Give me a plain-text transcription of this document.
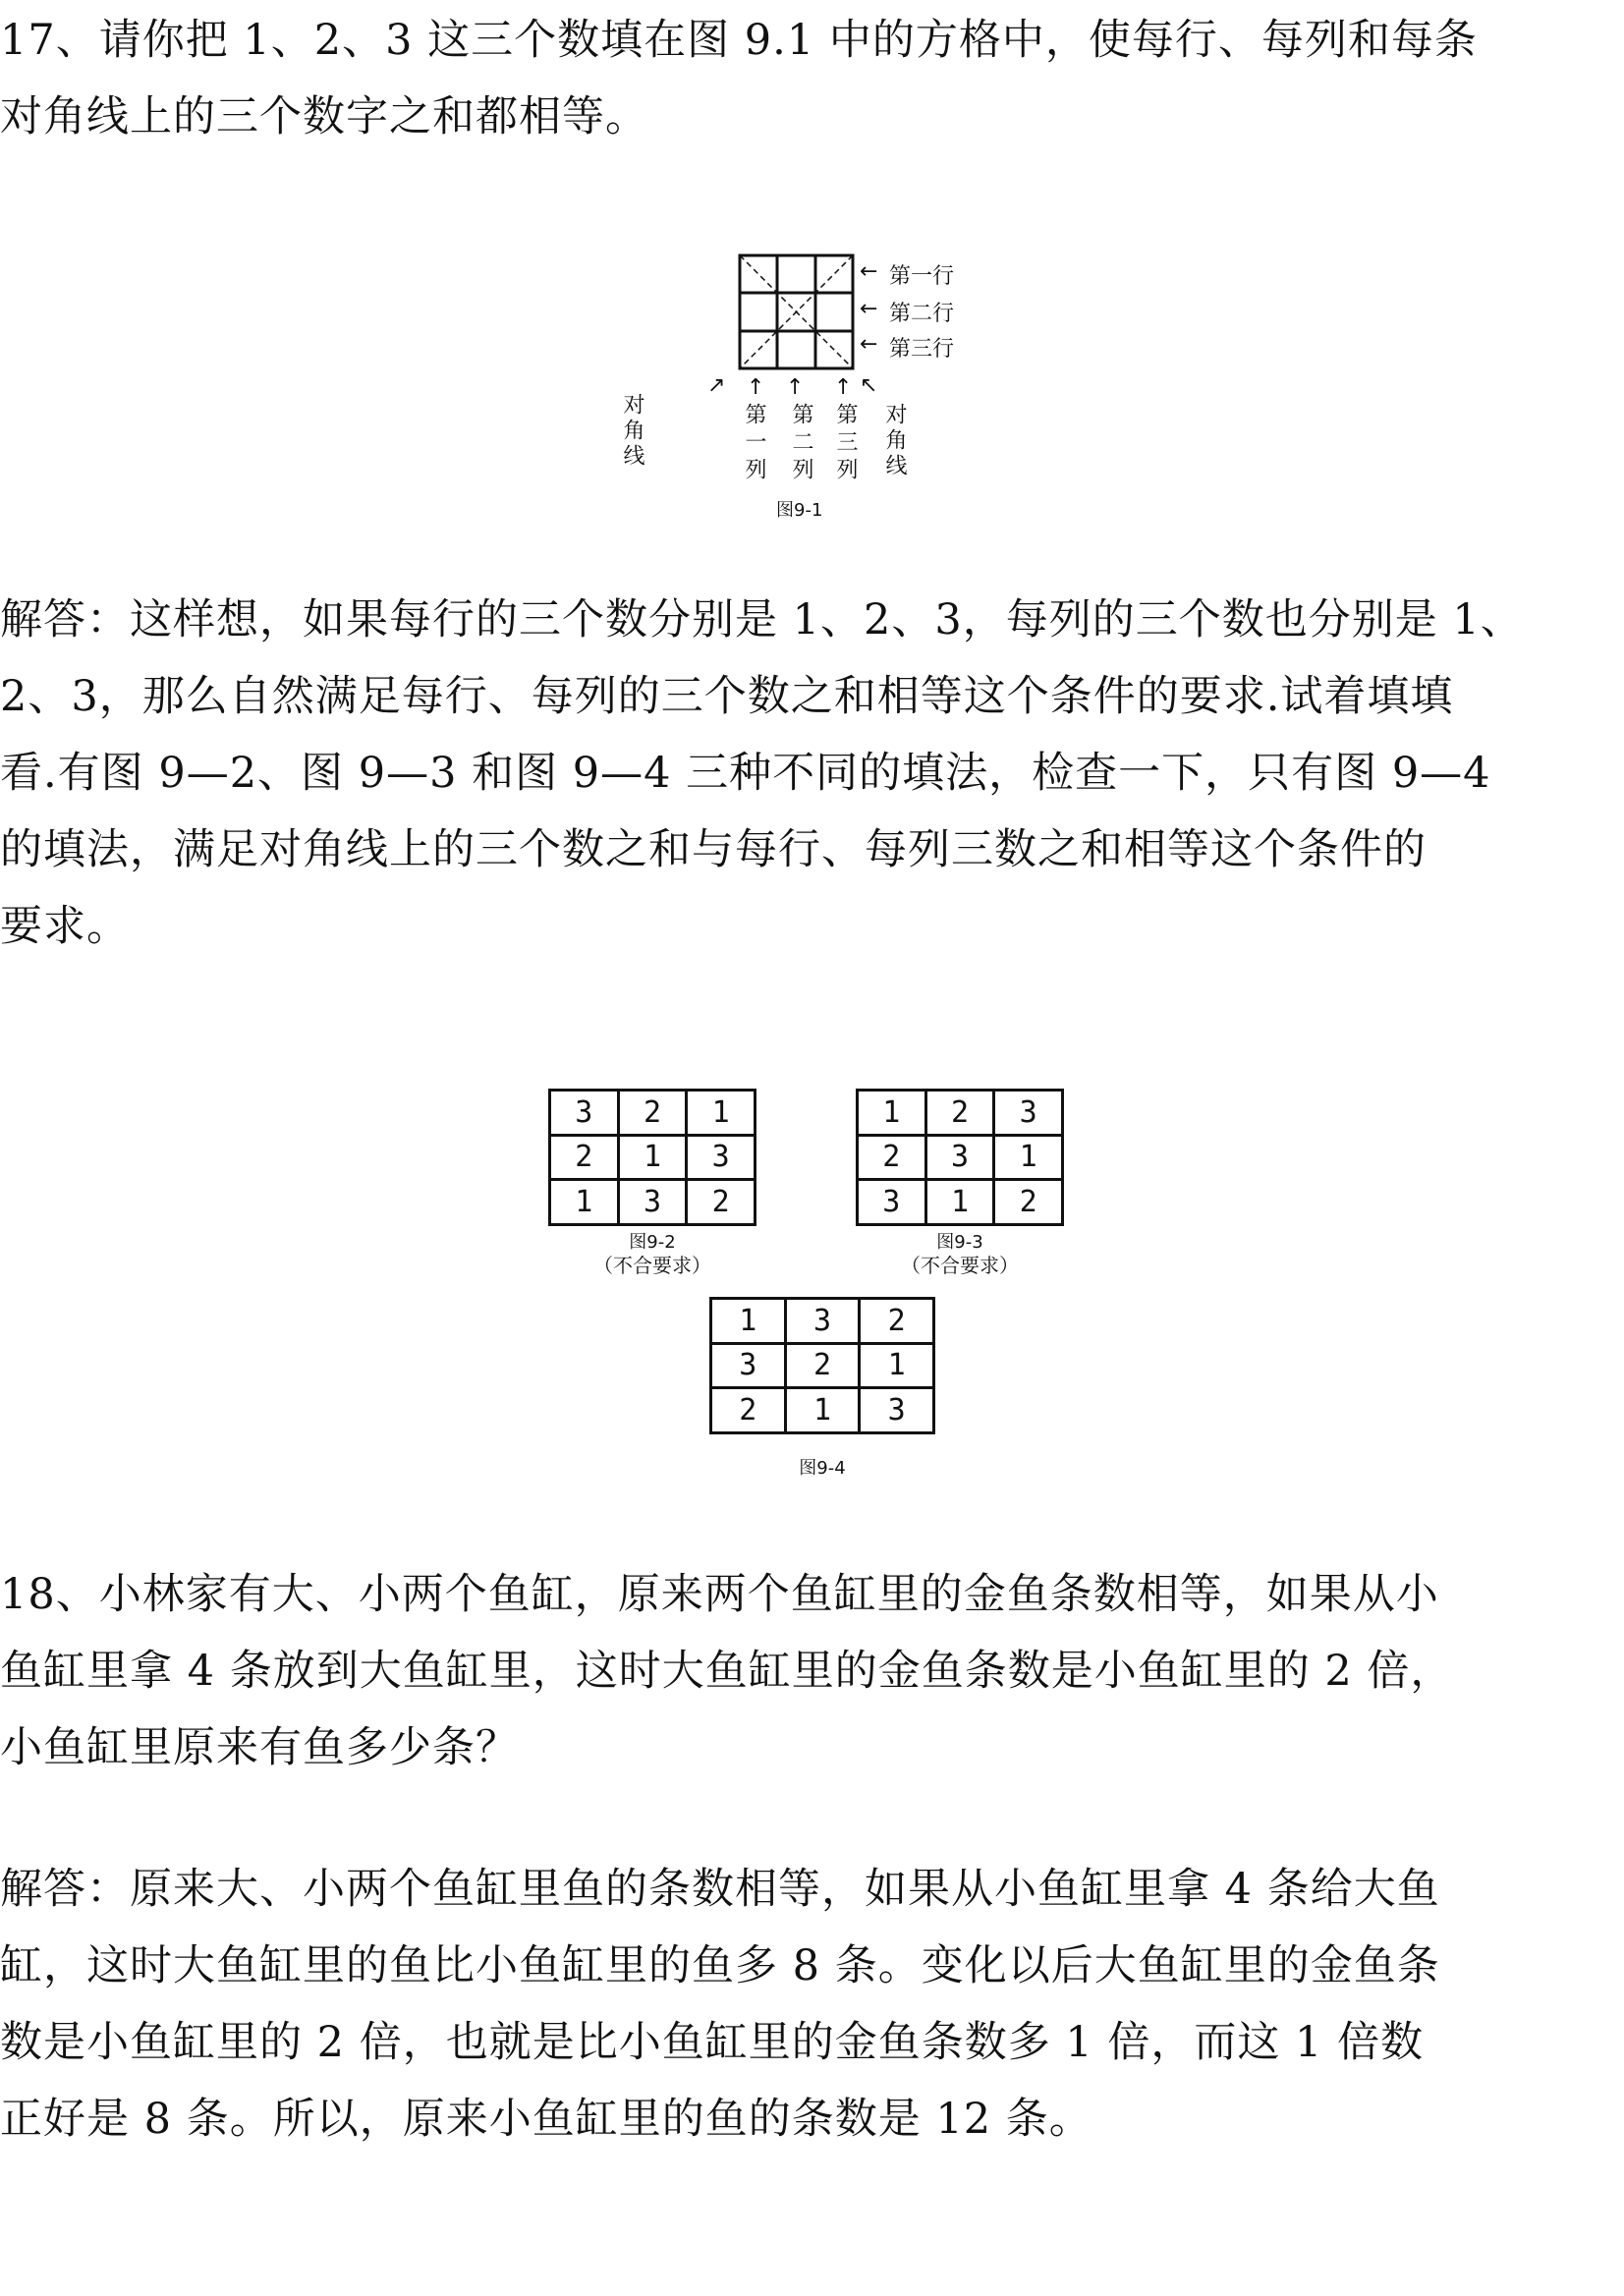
17、请你把 1、2、3 这三个数填在图 9.1 中的方格中，使每行、每列和每条
对角线上的三个数字之和都相等。
← 第一行
← 第二行
← 第三行
↗ ↑ ↑ ↑ ↖
第一列 第二列 第三列
对角线	对角线
图9-1
解答：这样想，如果每行的三个数分别是 1、2、3，每列的三个数也分别是 1、
2、3，那么自然满足每行、每列的三个数之和相等这个条件的要求.试着填填
看.有图 9—2、图 9—3 和图 9—4 三种不同的填法，检查一下，只有图 9—4
的填法，满足对角线上的三个数之和与每行、每列三数之和相等这个条件的
要求。
3	2	1
2	1	3
1	3	2
图9-2
（不合要求）
1	2	3
2	3	1
3	1	2
图9-3
（不合要求）
1	3	2
3	2	1
2	1	3
图9-4
18、小林家有大、小两个鱼缸，原来两个鱼缸里的金鱼条数相等，如果从小
鱼缸里拿 4 条放到大鱼缸里，这时大鱼缸里的金鱼条数是小鱼缸里的 2 倍，
小鱼缸里原来有鱼多少条？
解答：原来大、小两个鱼缸里鱼的条数相等，如果从小鱼缸里拿 4 条给大鱼
缸，这时大鱼缸里的鱼比小鱼缸里的鱼多 8 条。变化以后大鱼缸里的金鱼条
数是小鱼缸里的 2 倍，也就是比小鱼缸里的金鱼条数多 1 倍，而这 1 倍数
正好是 8 条。所以，原来小鱼缸里的鱼的条数是 12 条。
